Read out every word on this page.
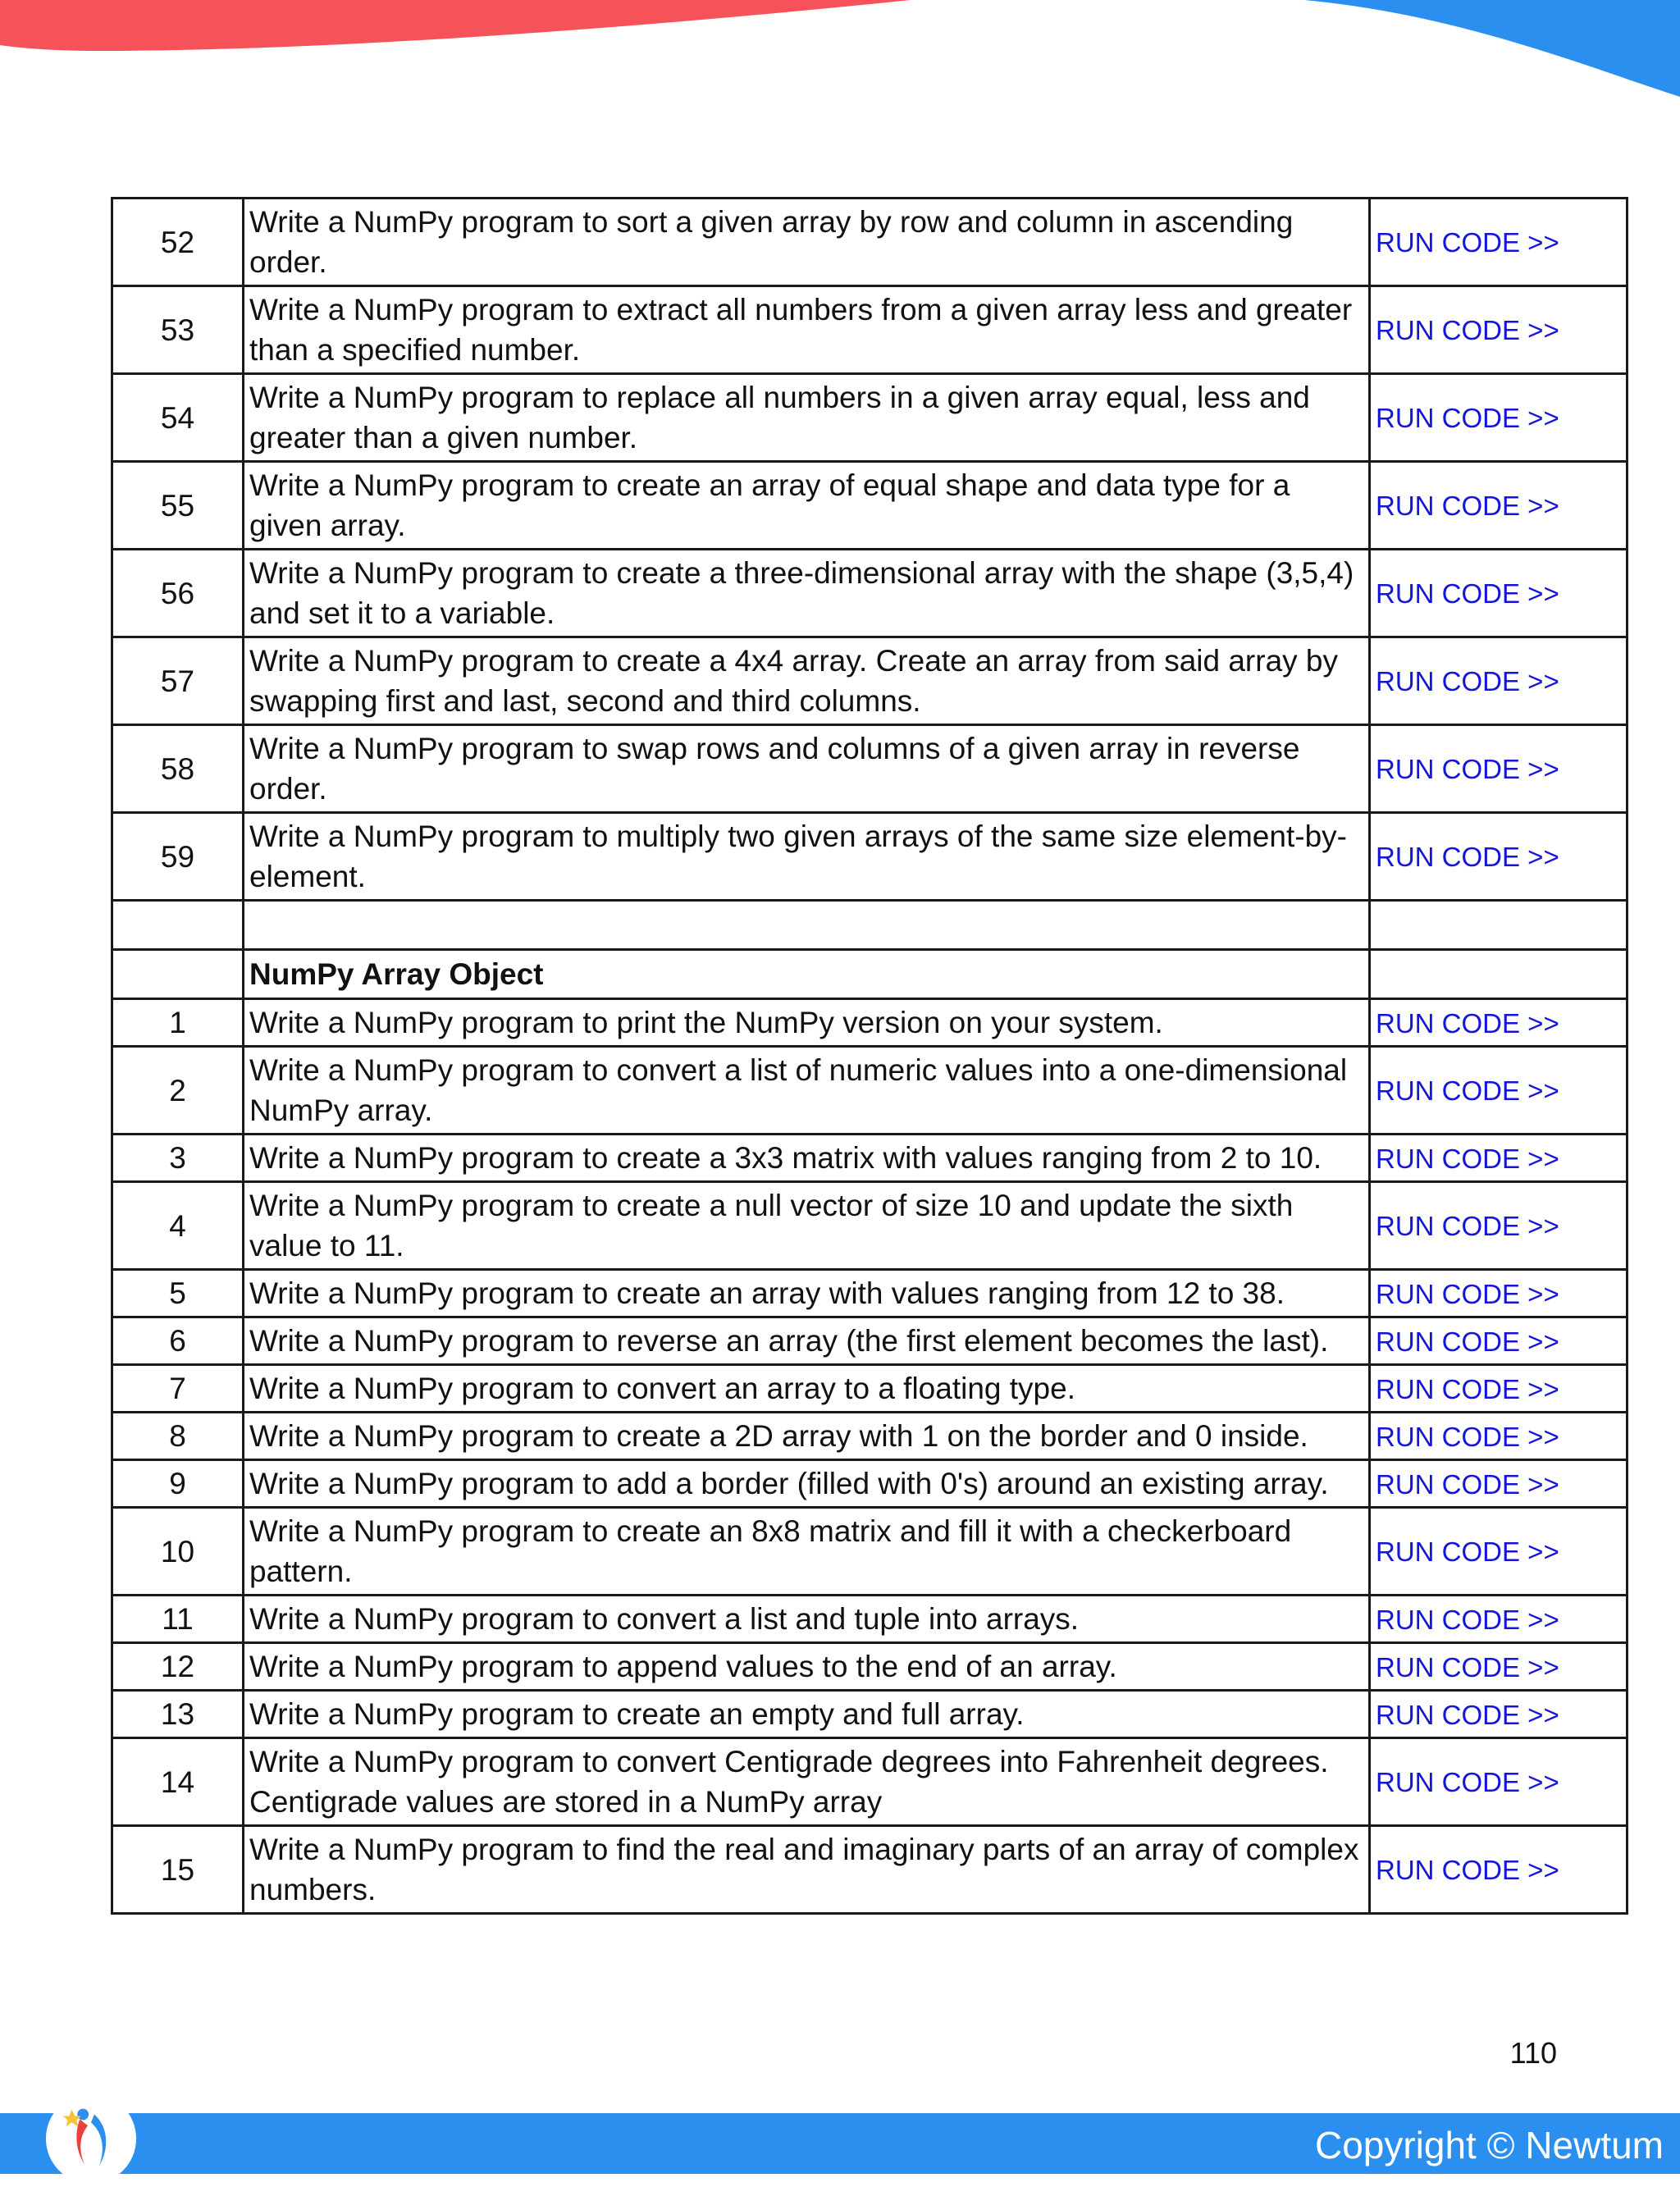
52	Write a NumPy program to sort a given array by row and column in ascending order.	RUN CODE >>
53	Write a NumPy program to extract all numbers from a given array less and greater than a specified number.	RUN CODE >>
54	Write a NumPy program to replace all numbers in a given array equal, less and greater than a given number.	RUN CODE >>
55	Write a NumPy program to create an array of equal shape and data type for a given array.	RUN CODE >>
56	Write a NumPy program to create a three-dimensional array with the shape (3,5,4) and set it to a variable.	RUN CODE >>
57	Write a NumPy program to create a 4x4 array. Create an array from said array by swapping first and last, second and third columns.	RUN CODE >>
58	Write a NumPy program to swap rows and columns of a given array in reverse order.	RUN CODE >>
59	Write a NumPy program to multiply two given arrays of the same size element-by-element.	RUN CODE >>

	NumPy Array Object	
1	Write a NumPy program to print the NumPy version on your system.	RUN CODE >>
2	Write a NumPy program to convert a list of numeric values into a one-dimensional NumPy array.	RUN CODE >>
3	Write a NumPy program to create a 3x3 matrix with values ranging from 2 to 10.	RUN CODE >>
4	Write a NumPy program to create a null vector of size 10 and update the sixth value to 11.	RUN CODE >>
5	Write a NumPy program to create an array with values ranging from 12 to 38.	RUN CODE >>
6	Write a NumPy program to reverse an array (the first element becomes the last).	RUN CODE >>
7	Write a NumPy program to convert an array to a floating type.	RUN CODE >>
8	Write a NumPy program to create a 2D array with 1 on the border and 0 inside.	RUN CODE >>
9	Write a NumPy program to add a border (filled with 0's) around an existing array.	RUN CODE >>
10	Write a NumPy program to create an 8x8 matrix and fill it with a checkerboard pattern.	RUN CODE >>
11	Write a NumPy program to convert a list and tuple into arrays.	RUN CODE >>
12	Write a NumPy program to append values to the end of an array.	RUN CODE >>
13	Write a NumPy program to create an empty and full array.	RUN CODE >>
14	Write a NumPy program to convert Centigrade degrees into Fahrenheit degrees. Centigrade values are stored in a NumPy array	RUN CODE >>
15	Write a NumPy program to find the real and imaginary parts of an array of complex numbers.	RUN CODE >>
110
Copyright © Newtum
